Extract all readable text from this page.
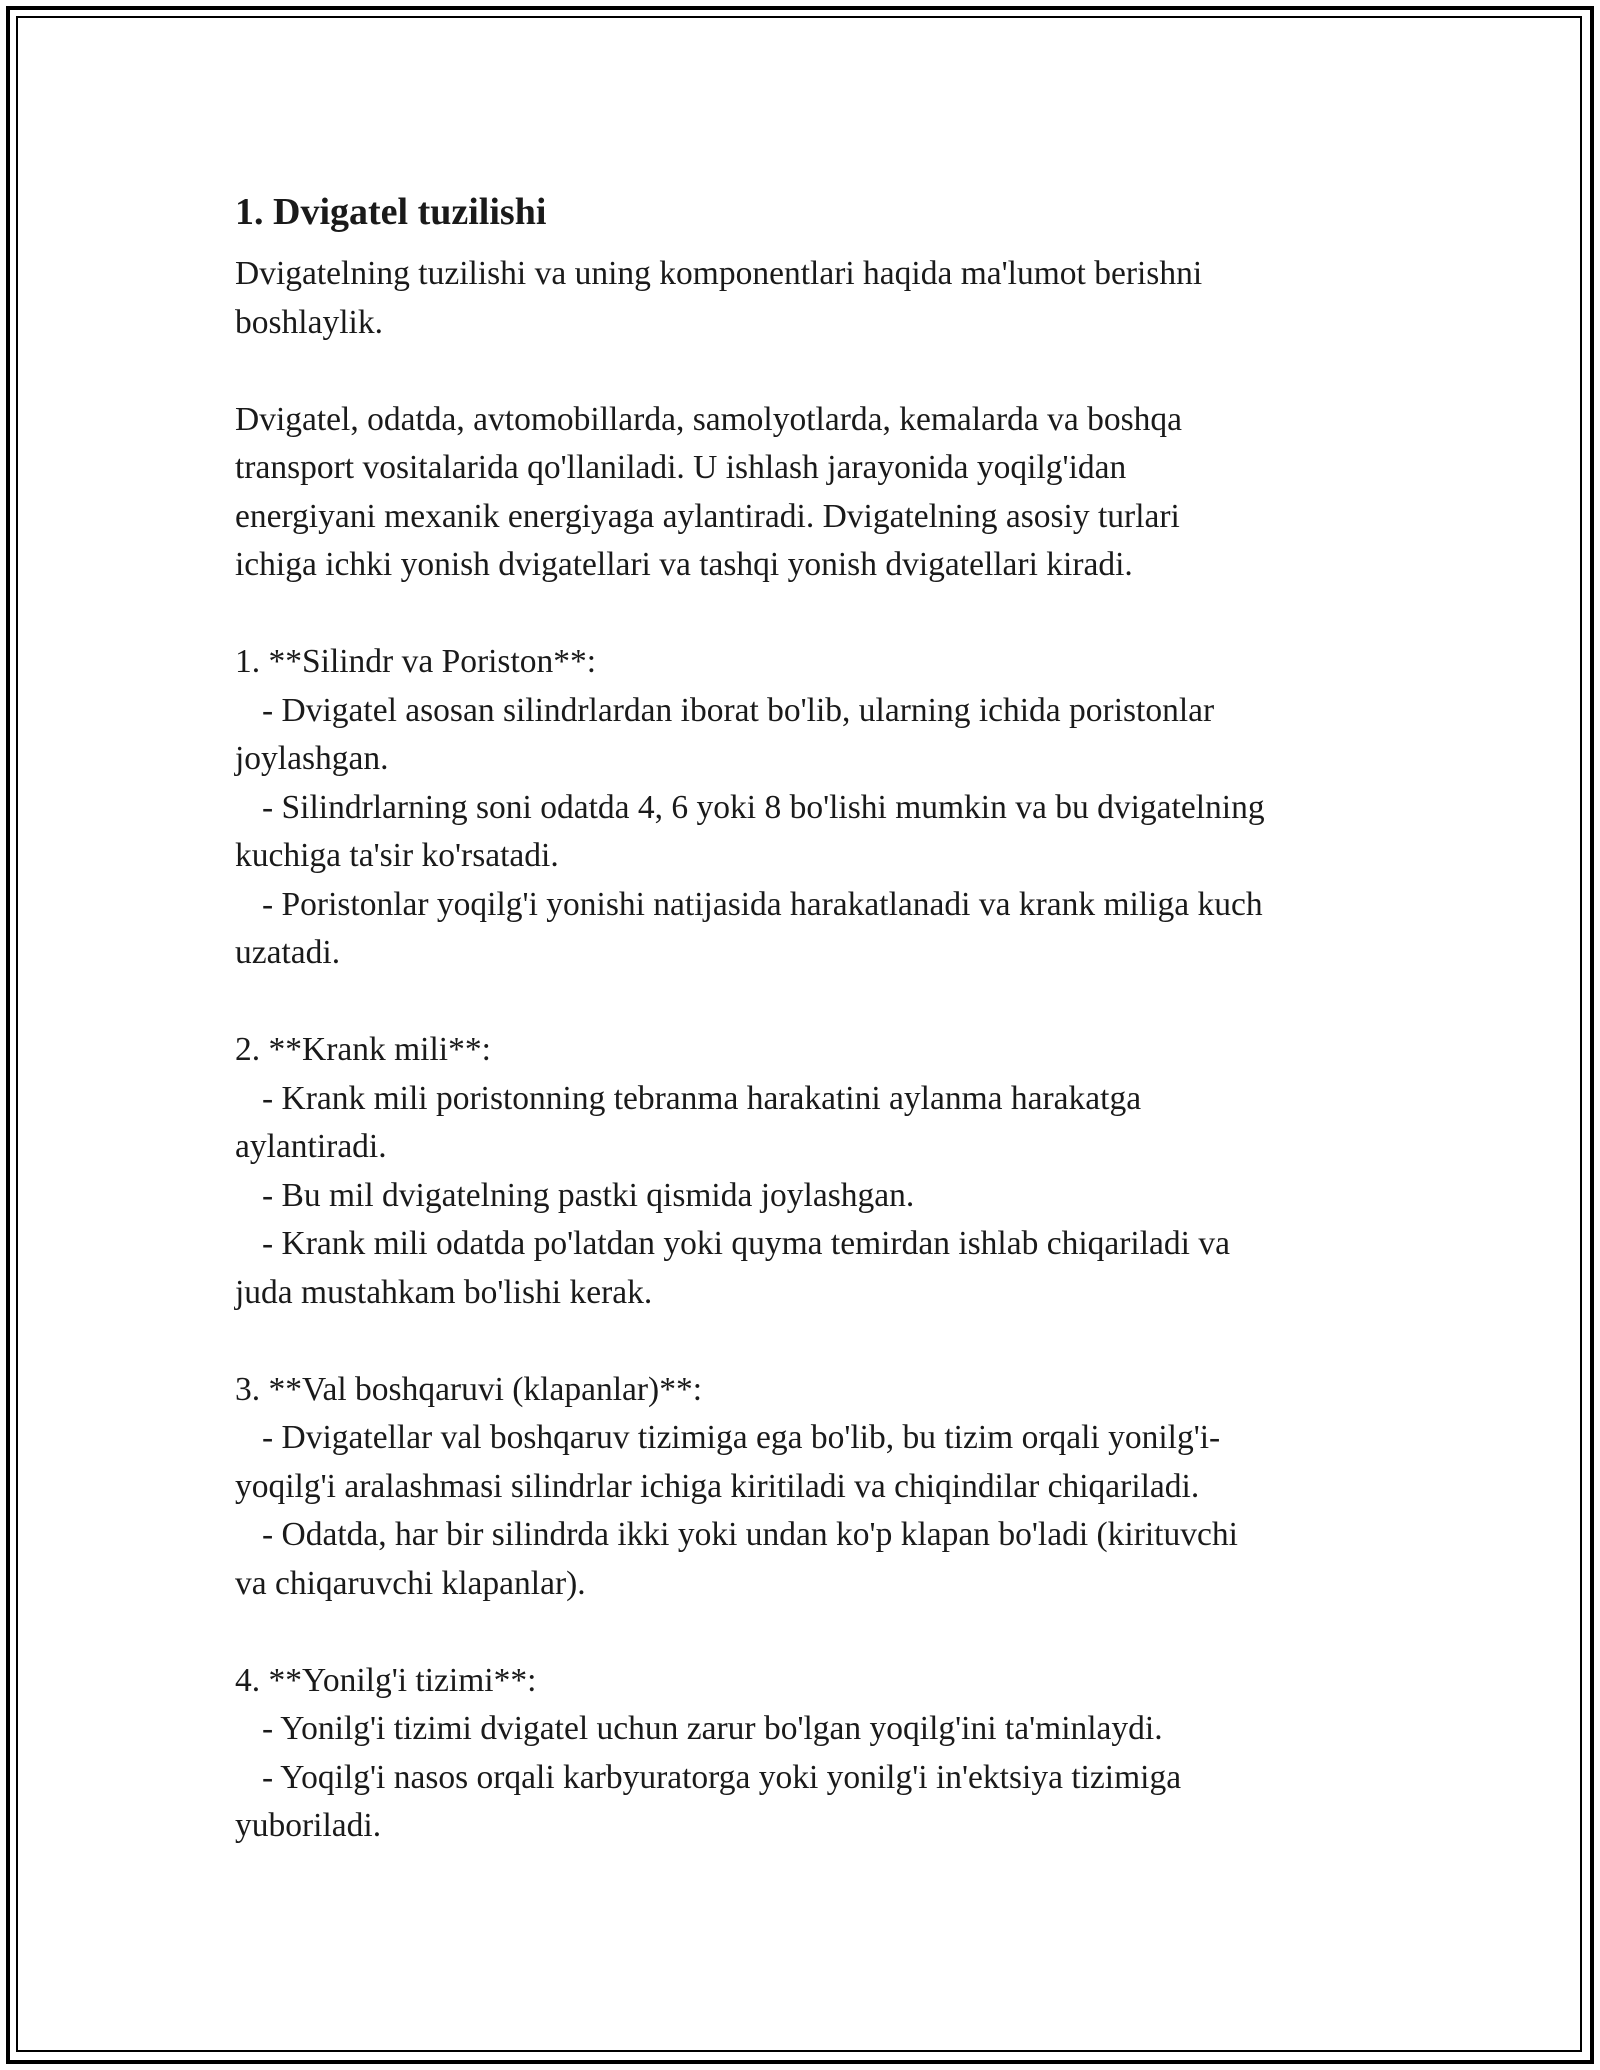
1. Dvigatel tuzilishi
Dvigatelning tuzilishi va uning komponentlari haqida ma'lumot berishni
boshlaylik.
Dvigatel, odatda, avtomobillarda, samolyotlarda, kemalarda va boshqa
transport vositalarida qo'llaniladi. U ishlash jarayonida yoqilg'idan
energiyani mexanik energiyaga aylantiradi. Dvigatelning asosiy turlari
ichiga ichki yonish dvigatellari va tashqi yonish dvigatellari kiradi.
1. **Silindr va Poriston**:
- Dvigatel asosan silindrlardan iborat bo'lib, ularning ichida poristonlar
joylashgan.
- Silindrlarning soni odatda 4, 6 yoki 8 bo'lishi mumkin va bu dvigatelning
kuchiga ta'sir ko'rsatadi.
- Poristonlar yoqilg'i yonishi natijasida harakatlanadi va krank miliga kuch
uzatadi.
2. **Krank mili**:
- Krank mili poristonning tebranma harakatini aylanma harakatga
aylantiradi.
- Bu mil dvigatelning pastki qismida joylashgan.
- Krank mili odatda po'latdan yoki quyma temirdan ishlab chiqariladi va
juda mustahkam bo'lishi kerak.
3. **Val boshqaruvi (klapanlar)**:
- Dvigatellar val boshqaruv tizimiga ega bo'lib, bu tizim orqali yonilg'i-
yoqilg'i aralashmasi silindrlar ichiga kiritiladi va chiqindilar chiqariladi.
- Odatda, har bir silindrda ikki yoki undan ko'p klapan bo'ladi (kirituvchi
va chiqaruvchi klapanlar).
4. **Yonilg'i tizimi**:
- Yonilg'i tizimi dvigatel uchun zarur bo'lgan yoqilg'ini ta'minlaydi.
- Yoqilg'i nasos orqali karbyuratorga yoki yonilg'i in'ektsiya tizimiga
yuboriladi.
